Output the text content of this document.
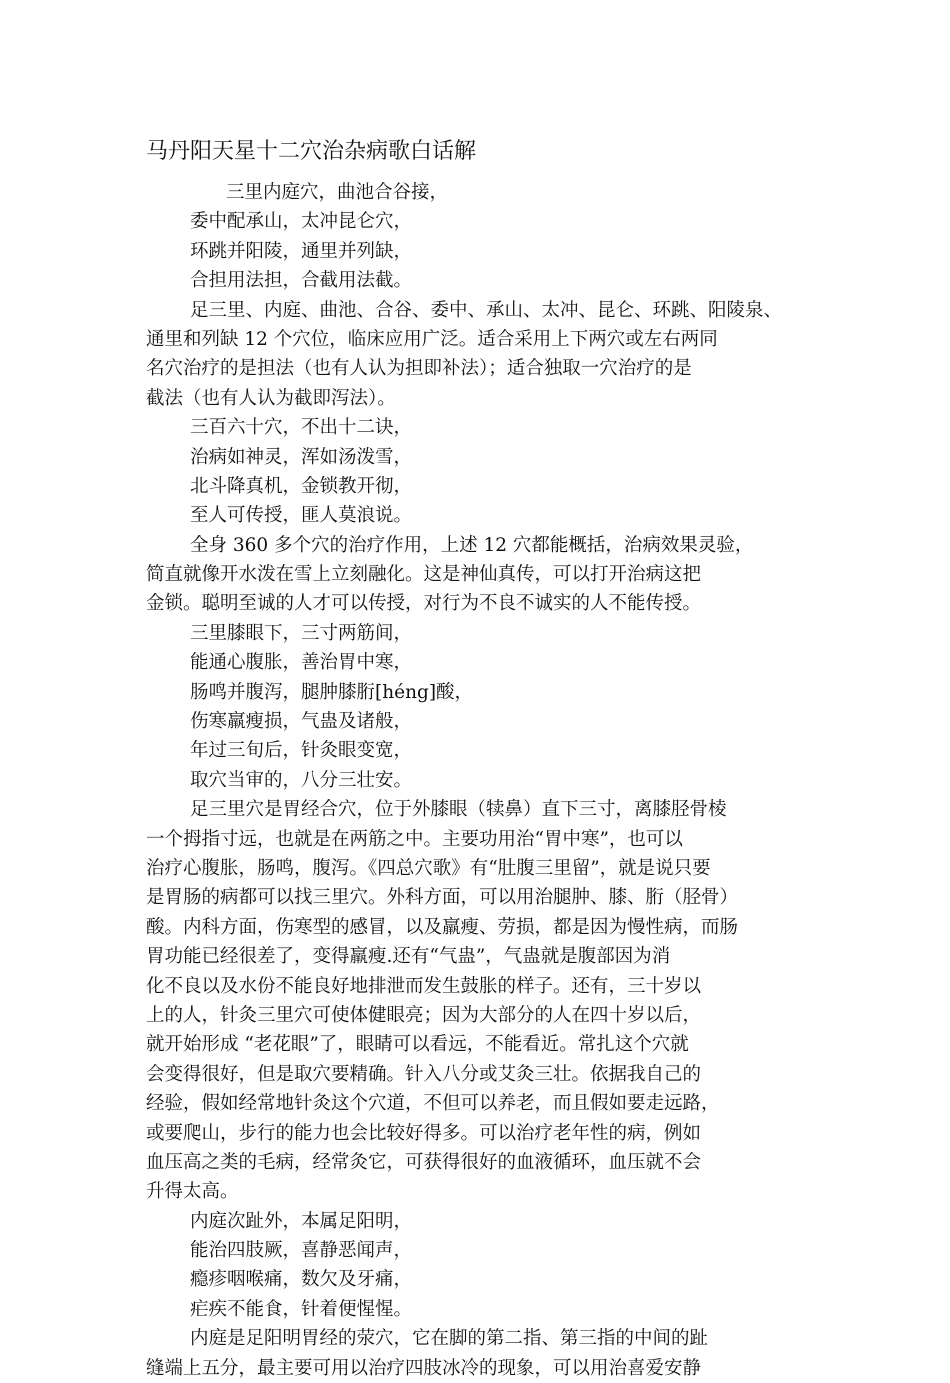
马丹阳天星十二穴治杂病歌白话解
三里内庭穴，曲池合谷接，
委中配承山，太冲昆仑穴，
环跳并阳陵，通里并列缺，
合担用法担，合截用法截。
足三里、内庭、曲池、合谷、委中、承山、太冲、昆仑、环跳、阳陵泉、
通里和列缺 12 个穴位，临床应用广泛。适合采用上下两穴或左右两同
名穴治疗的是担法（也有人认为担即补法）；适合独取一穴治疗的是
截法（也有人认为截即泻法）。
三百六十穴，不出十二诀，
治病如神灵，浑如汤泼雪，
北斗降真机，金锁教开彻，
至人可传授，匪人莫浪说。
全身 360 多个穴的治疗作用，上述 12 穴都能概括，治病效果灵验，
简直就像开水泼在雪上立刻融化。这是神仙真传，可以打开治病这把
金锁。聪明至诚的人才可以传授，对行为不良不诚实的人不能传授。
三里膝眼下，三寸两筋间，
能通心腹胀，善治胃中寒，
肠鸣并腹泻，腿肿膝胻[héng]酸，
伤寒羸瘦损，气蛊及诸般，
年过三旬后，针灸眼变宽，
取穴当审的，八分三壮安。
足三里穴是胃经合穴，位于外膝眼（犊鼻）直下三寸，离膝胫骨棱
一个拇指寸远，也就是在两筋之中。主要功用治“胃中寒”，也可以
治疗心腹胀，肠鸣，腹泻。《四总穴歌》有“肚腹三里留”，就是说只要
是胃肠的病都可以找三里穴。外科方面，可以用治腿肿、膝、胻（胫骨）
酸。内科方面，伤寒型的感冒，以及羸瘦、劳损，都是因为慢性病，而肠
胃功能已经很差了，变得羸瘦.还有“气蛊”，气蛊就是腹部因为消
化不良以及水份不能良好地排泄而发生鼓胀的样子。还有，三十岁以
上的人，针灸三里穴可使体健眼亮；因为大部分的人在四十岁以后，
就开始形成 “老花眼”了，眼睛可以看远，不能看近。常扎这个穴就
会变得很好，但是取穴要精确。针入八分或艾灸三壮。依据我自己的
经验，假如经常地针灸这个穴道，不但可以养老，而且假如要走远路，
或要爬山，步行的能力也会比较好得多。可以治疗老年性的病，例如
血压高之类的毛病，经常灸它，可获得很好的血液循环，血压就不会
升得太高。
内庭次趾外，本属足阳明，
能治四肢厥，喜静恶闻声，
瘾疹咽喉痛，数欠及牙痛，
疟疾不能食，针着便惺惺。
内庭是足阳明胃经的荥穴，它在脚的第二指、第三指的中间的趾
缝端上五分，最主要可用以治疗四肢冰冷的现象，可以用治喜爱安静
